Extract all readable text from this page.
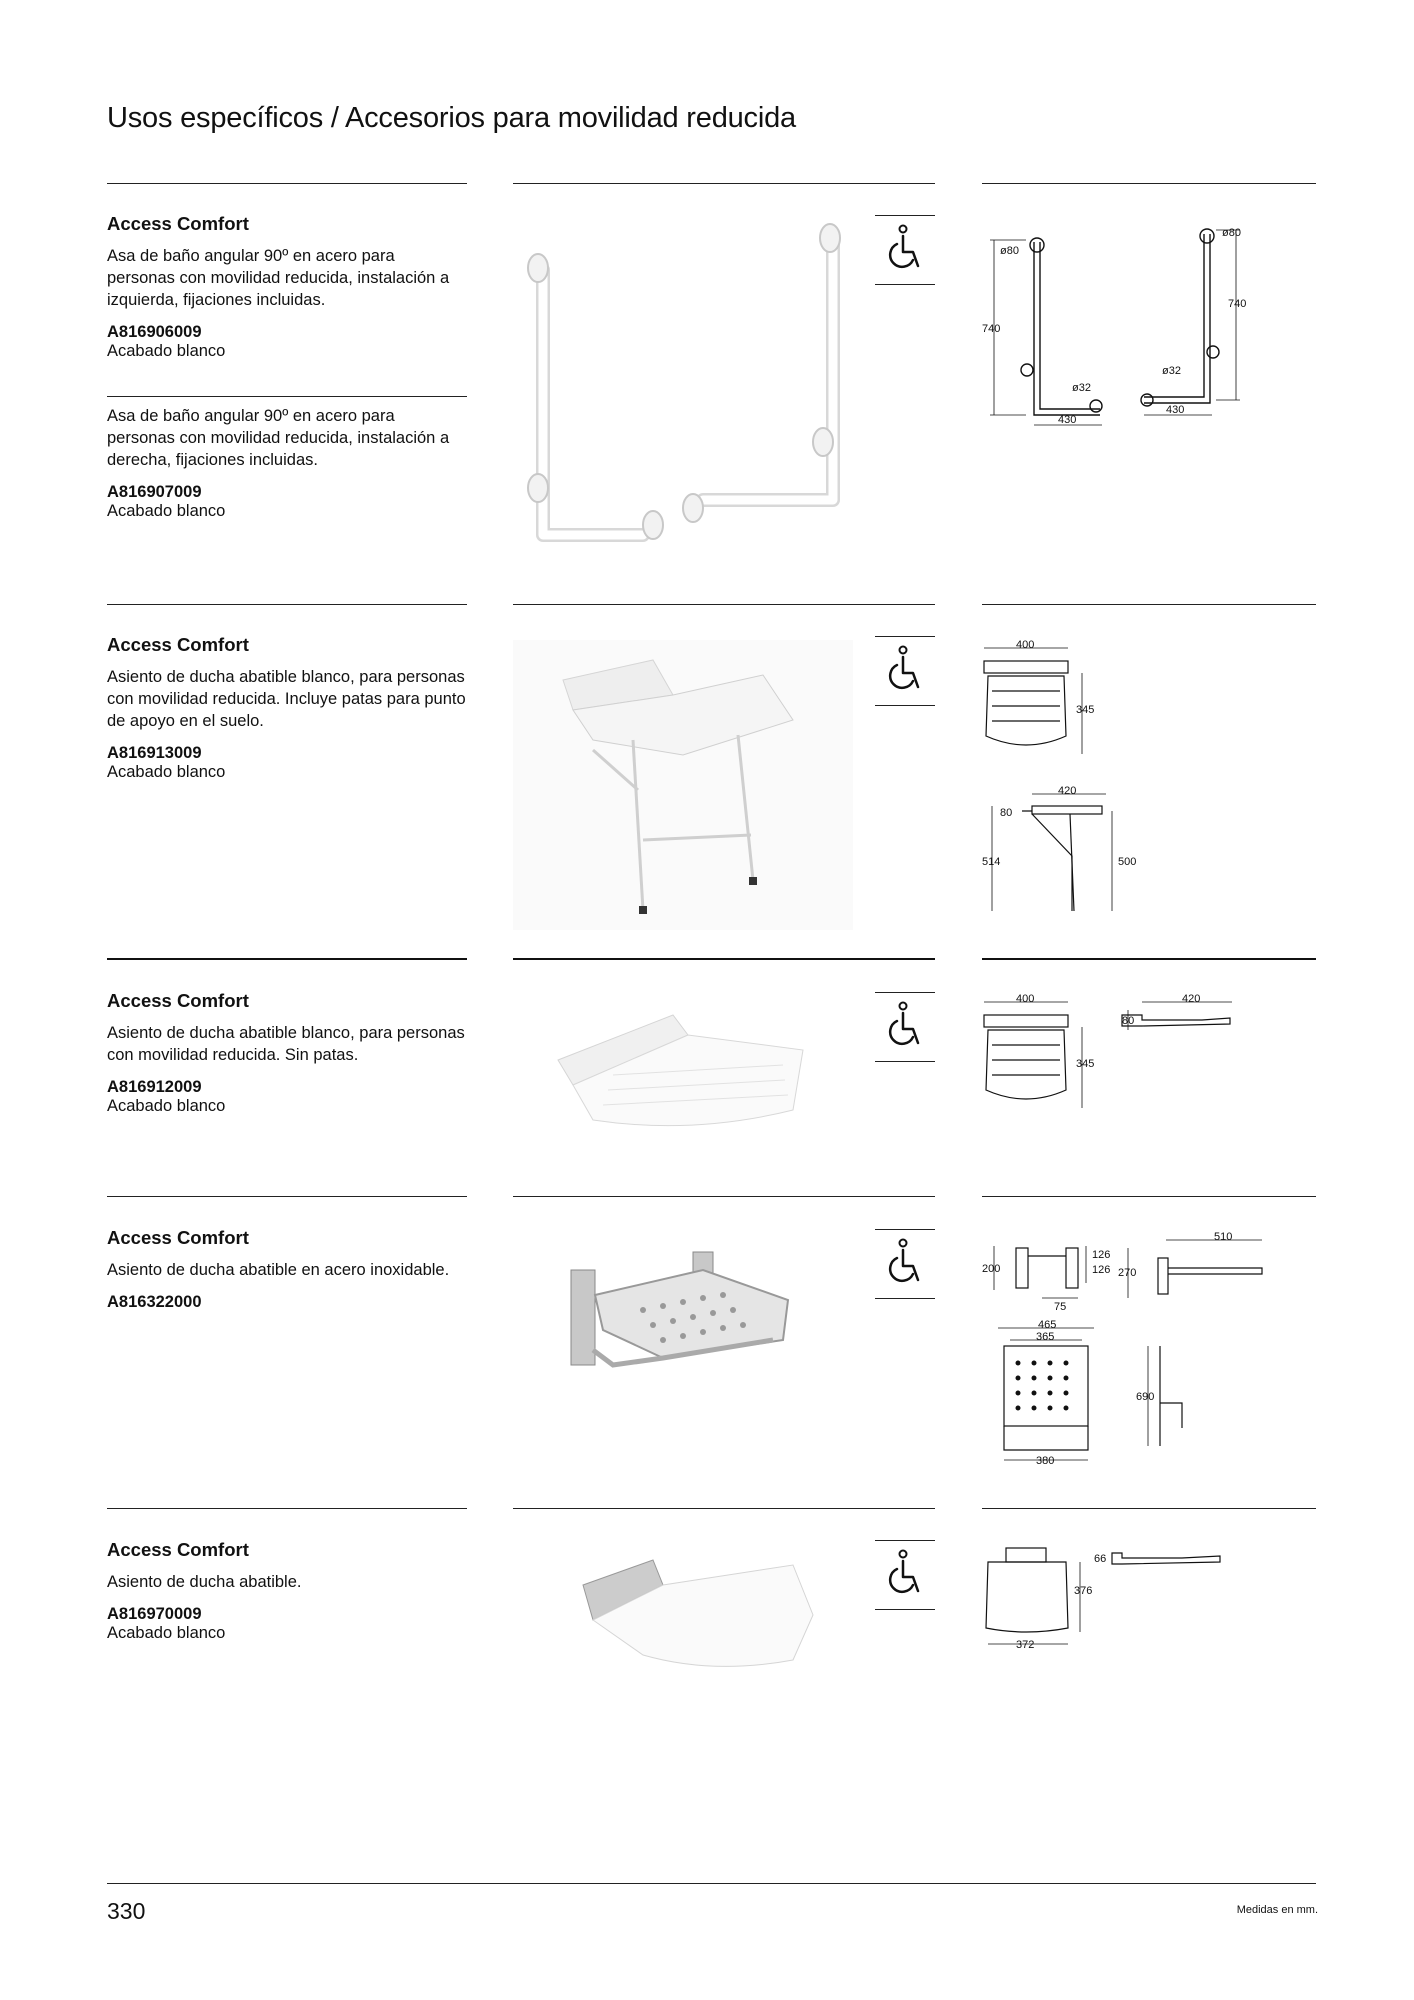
Usos específicos / Accesorios para movilidad reducida
Access Comfort
Asa de baño angular 90º en acero para personas con movilidad reducida, instalación a izquierda, fijaciones incluidas.
A816906009
Acabado blanco
Asa de baño angular 90º en acero para personas con movilidad reducida, instalación a derecha, fijaciones incluidas.
A816907009
Acabado blanco
ø80
740
ø32
430
ø80
740
ø32
430
Access Comfort
Asiento de ducha abatible blanco, para personas con movilidad reducida. Incluye patas para punto de apoyo en el suelo.
A816913009
Acabado blanco
400
345
420
80
514	500
Access Comfort
Asiento de ducha abatible blanco, para personas con movilidad reducida. Sin patas.
A816912009
Acabado blanco
400
345
420
80
Access Comfort
Asiento de ducha abatible en acero inoxidable.
A816322000
200
126
126
75
270
510
465
365
380
690
Access Comfort
Asiento de ducha abatible.
A816970009
Acabado blanco
376
372
66
330	Medidas en mm.
